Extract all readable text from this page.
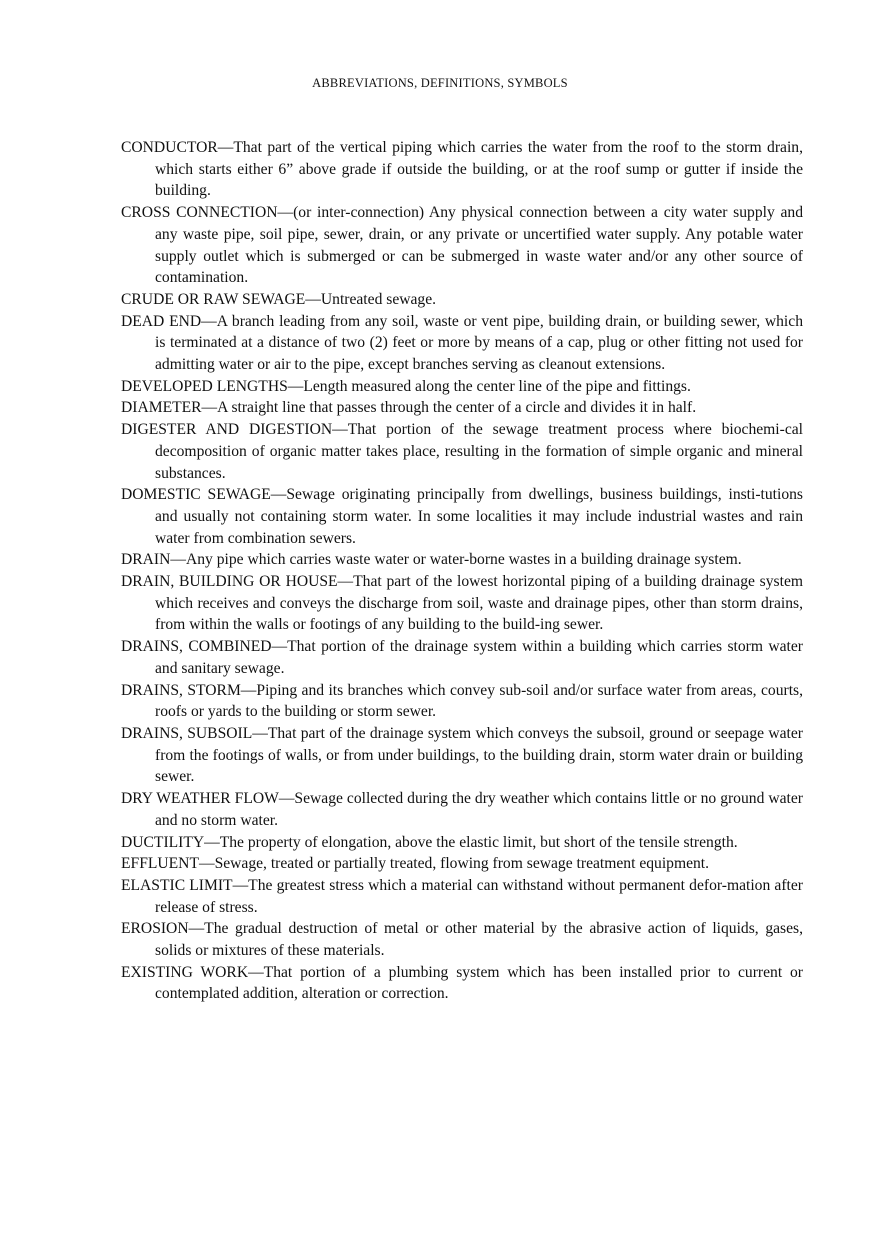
ABBREVIATIONS, DEFINITIONS, SYMBOLS

CONDUCTOR—That part of the vertical piping which carries the water from the roof to the storm drain, which starts either 6” above grade if outside the building, or at the roof sump or gutter if inside the building.

CROSS CONNECTION—(or inter-connection) Any physical connection between a city water supply and any waste pipe, soil pipe, sewer, drain, or any private or uncertified water supply. Any potable water supply outlet which is submerged or can be submerged in waste water and/or any other source of contamination.

CRUDE OR RAW SEWAGE—Untreated sewage.

DEAD END—A branch leading from any soil, waste or vent pipe, building drain, or building sewer, which is terminated at a distance of two (2) feet or more by means of a cap, plug or other fitting not used for admitting water or air to the pipe, except branches serving as cleanout extensions.

DEVELOPED LENGTHS—Length measured along the center line of the pipe and fittings.

DIAMETER—A straight line that passes through the center of a circle and divides it in half.

DIGESTER AND DIGESTION—That portion of the sewage treatment process where biochemi-cal decomposition of organic matter takes place, resulting in the formation of simple organic and mineral substances.

DOMESTIC SEWAGE—Sewage originating principally from dwellings, business buildings, insti-tutions and usually not containing storm water. In some localities it may include industrial wastes and rain water from combination sewers.

DRAIN—Any pipe which carries waste water or water-borne wastes in a building drainage system.

DRAIN, BUILDING OR HOUSE—That part of the lowest horizontal piping of a building drainage system which receives and conveys the discharge from soil, waste and drainage pipes, other than storm drains, from within the walls or footings of any building to the build-ing sewer.

DRAINS, COMBINED—That portion of the drainage system within a building which carries storm water and sanitary sewage.

DRAINS, STORM—Piping and its branches which convey sub-soil and/or surface water from areas, courts, roofs or yards to the building or storm sewer.

DRAINS, SUBSOIL—That part of the drainage system which conveys the subsoil, ground or seepage water from the footings of walls, or from under buildings, to the building drain, storm water drain or building sewer.

DRY WEATHER FLOW—Sewage collected during the dry weather which contains little or no ground water and no storm water.

DUCTILITY—The property of elongation, above the elastic limit, but short of the tensile strength.

EFFLUENT—Sewage, treated or partially treated, flowing from sewage treatment equipment.

ELASTIC LIMIT—The greatest stress which a material can withstand without permanent defor-mation after release of stress.

EROSION—The gradual destruction of metal or other material by the abrasive action of liquids, gases, solids or mixtures of these materials.

EXISTING WORK—That portion of a plumbing system which has been installed prior to current or contemplated addition, alteration or correction.
